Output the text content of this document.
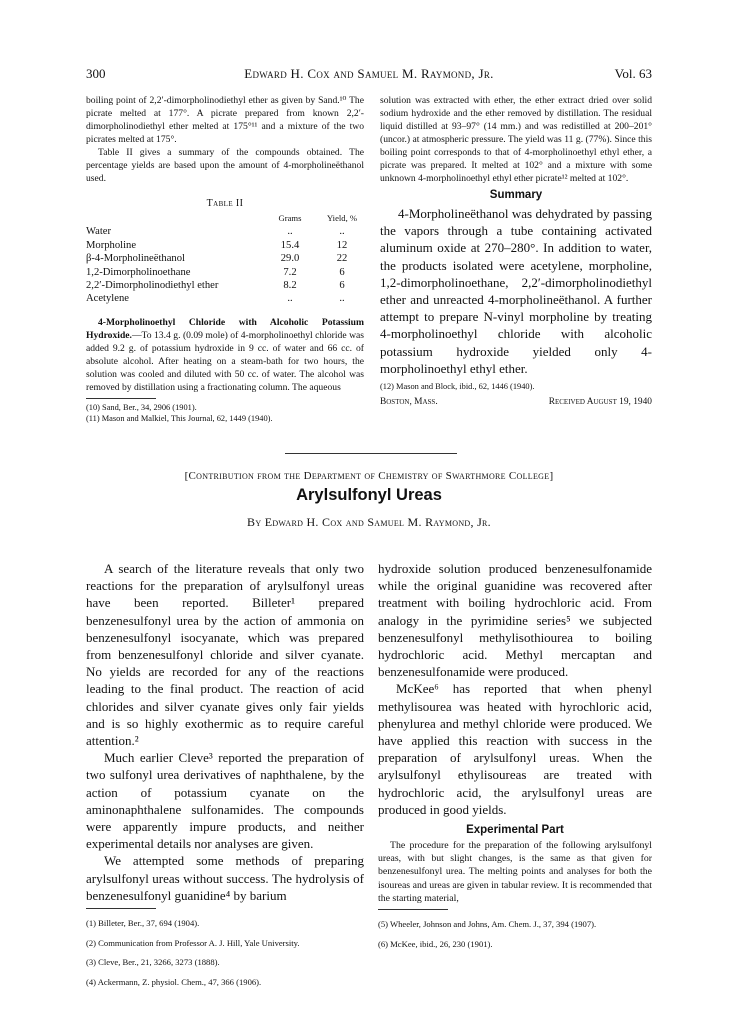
300	Edward H. Cox and Samuel M. Raymond, Jr.	Vol. 63

boiling point of 2,2′-dimorpholinodiethyl ether as given by Sand.¹⁰ The picrate melted at 177°. A picrate prepared from known 2,2′-dimorpholinodiethyl ether melted at 175°¹¹ and a mixture of the two picrates melted at 175°.

Table II gives a summary of the compounds obtained. The percentage yields are based upon the amount of 4-morpholineëthanol used.

Table II
	Grams	Yield, %
Water	..	..
Morpholine	15.4	12
β-4-Morpholineëthanol	29.0	22
1,2-Dimorpholinoethane	7.2	6
2,2′-Dimorpholinodiethyl ether	8.2	6
Acetylene	..	..

4-Morpholinoethyl Chloride with Alcoholic Potassium Hydroxide.—To 13.4 g. (0.09 mole) of 4-morpholinoethyl chloride was added 9.2 g. of potassium hydroxide in 9 cc. of water and 66 cc. of absolute alcohol. After heating on a steam-bath for two hours, the solution was cooled and diluted with 50 cc. of water. The alcohol was removed by distillation using a fractionating column. The aqueous

(10) Sand, Ber., 34, 2906 (1901).

(11) Mason and Malkiel, This Journal, 62, 1449 (1940).

solution was extracted with ether, the ether extract dried over solid sodium hydroxide and the ether removed by distillation. The residual liquid distilled at 93–97° (14 mm.) and was redistilled at 200–201° (uncor.) at atmospheric pressure. The yield was 11 g. (77%). Since this boiling point corresponds to that of 4-morpholinoethyl ethyl ether, a picrate was prepared. It melted at 102° and a mixture with some unknown 4-morpholinoethyl ethyl ether picrate¹² melted at 102°.

Summary

4-Morpholineëthanol was dehydrated by passing the vapors through a tube containing activated aluminum oxide at 270–280°. In addition to water, the products isolated were acetylene, morpholine, 1,2-dimorpholinoethane, 2,2′-dimorpholinodiethyl ether and unreacted 4-morpholineëthanol. A further attempt to prepare N-vinyl morpholine by treating 4-morpholinoethyl chloride with alcoholic potassium hydroxide yielded only 4-morpholinoethyl ethyl ether.

(12) Mason and Block, ibid., 62, 1446 (1940).
Boston, Mass.	Received August 19, 1940
[Contribution from the Department of Chemistry of Swarthmore College]
Arylsulfonyl Ureas
By Edward H. Cox and Samuel M. Raymond, Jr.

A search of the literature reveals that only two reactions for the preparation of arylsulfonyl ureas have been reported. Billeter¹ prepared benzenesulfonyl urea by the action of ammonia on benzenesulfonyl isocyanate, which was prepared from benzenesulfonyl chloride and silver cyanate. No yields are recorded for any of the reactions leading to the final product. The reaction of acid chlorides and silver cyanate gives only fair yields and is so highly exothermic as to require careful attention.²

Much earlier Cleve³ reported the preparation of two sulfonyl urea derivatives of naphthalene, by the action of potassium cyanate on the aminonaphthalene sulfonamides. The compounds were apparently impure products, and neither experimental details nor analyses are given.

We attempted some methods of preparing arylsulfonyl ureas without success. The hydrolysis of benzenesulfonyl guanidine⁴ by barium

(1) Billeter, Ber., 37, 694 (1904).

(2) Communication from Professor A. J. Hill, Yale University.

(3) Cleve, Ber., 21, 3266, 3273 (1888).

(4) Ackermann, Z. physiol. Chem., 47, 366 (1906).

hydroxide solution produced benzenesulfonamide while the original guanidine was recovered after treatment with boiling hydrochloric acid. From analogy in the pyrimidine series⁵ we subjected benzenesulfonyl methylisothiourea to boiling hydrochloric acid. Methyl mercaptan and benzenesulfonamide were produced.

McKee⁶ has reported that when phenyl methylisourea was heated with hyrochloric acid, phenylurea and methyl chloride were produced. We have applied this reaction with success in the preparation of arylsulfonyl ureas. When the arylsulfonyl ethylisoureas are treated with hydrochloric acid, the arylsulfonyl ureas are produced in good yields.

Experimental Part

The procedure for the preparation of the following arylsulfonyl ureas, with but slight changes, is the same as that given for benzenesulfonyl urea. The melting points and analyses for both the isoureas and ureas are given in tabular review. It is recommended that the starting material,

(5) Wheeler, Johnson and Johns, Am. Chem. J., 37, 394 (1907).

(6) McKee, ibid., 26, 230 (1901).
